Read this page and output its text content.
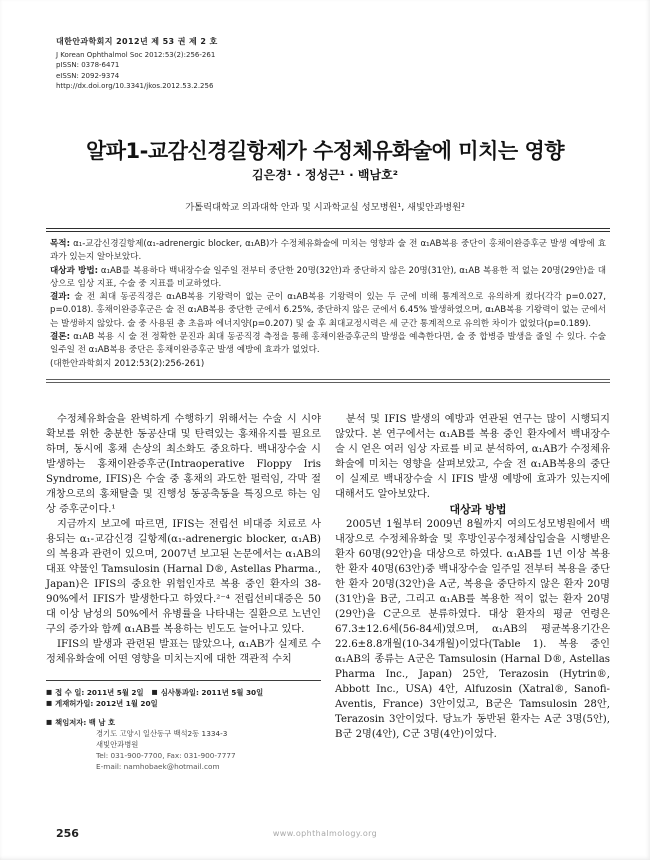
대한안과학회지 2012년 제 53 권 제 2 호
J Korean Ophthalmol Soc 2012:53(2):256-261
pISSN: 0378-6471
eISSN: 2092-9374
http://dx.doi.org/10.3341/jkos.2012.53.2.256
알파1-교감신경길항제가 수정체유화술에 미치는 영향
김은경¹ · 정성근¹ · 백남호²
가톨릭대학교 의과대학 안과 및 시과학교실 성모병원¹, 새빛안과병원²

목적: α₁-교감신경길항제(α₁-adrenergic blocker, α₁AB)가 수정체유화술에 미치는 영향과 술 전 α₁AB복용 중단이 홍채이완증후군 발생 예방에 효과가 있는지 알아보았다.

대상과 방법: α₁AB를 복용하다 백내장수술 일주일 전부터 중단한 20명(32안)과 중단하지 않은 20명(31안), α₁AB 복용한 적 없는 20명(29안)을 대상으로 임상 지표, 수술 중 지표를 비교하였다.

결과: 술 전 최대 동공직경은 α₁AB복용 기왕력이 없는 군이 α₁AB복용 기왕력이 있는 두 군에 비해 통계적으로 유의하게 컸다(각각 p=0.027, p=0.018). 홍채이완증후군은 술 전 α₁AB복용 중단한 군에서 6.25%, 중단하지 않은 군에서 6.45% 발생하였으며, α₁AB복용 기왕력이 없는 군에서는 발생하지 않았다. 술 중 사용된 총 초음파 에너지양(p=0.207) 및 술 후 최대교정시력은 세 군간 통계적으로 유의한 차이가 없었다(p=0.189).

결론: α₁AB 복용 시 술 전 정확한 문진과 최대 동공직경 측정을 통해 홍채이완증후군의 발생을 예측한다면, 술 중 합병증 발생을 줄일 수 있다. 수술 일주일 전 α₁AB복용 중단은 홍채이완증후군 발생 예방에 효과가 없었다.

(대한안과학회지 2012:53(2):256-261)

수정체유화술을 완벽하게 수행하기 위해서는 수술 시 시야확보를 위한 충분한 동공산대 및 탄력있는 홍채유지를 필요로 하며, 동시에 홍채 손상의 최소화도 중요하다. 백내장수술 시 발생하는 홍채이완증후군(Intraoperative Floppy Iris Syndrome, IFIS)은 수술 중 홍채의 과도한 펄럭임, 각막 절개창으로의 홍채탈출 및 진행성 동공축동을 특징으로 하는 임상 증후군이다.¹

지금까지 보고에 따르면, IFIS는 전립선 비대증 치료로 사용되는 α₁-교감신경 길항제(α₁-adrenergic blocker, α₁AB)의 복용과 관련이 있으며, 2007년 보고된 논문에서는 α₁AB의 대표 약물인 Tamsulosin (Harnal D®, Astellas Pharma., Japan)은 IFIS의 중요한 위험인자로 복용 중인 환자의 38-90%에서 IFIS가 발생한다고 하였다.²⁻⁴ 전립선비대증은 50대 이상 남성의 50%에서 유병률을 나타내는 질환으로 노년인구의 증가와 함께 α₁AB를 복용하는 빈도도 늘어나고 있다.

IFIS의 발생과 관련된 발표는 많았으나, α₁AB가 실제로 수정체유화술에 어떤 영향을 미치는지에 대한 객관적 수치

■ 접 수 일: 2011년 5월 2일 ■ 심사통과일: 2011년 5월 30일
■ 게재허가일: 2012년 1월 20일
■ 책임저자: 백 남 호
경기도 고양시 일산동구 백석2동 1334-3
새빛안과병원
Tel: 031-900-7700, Fax: 031-900-7777
E-mail: namhobaek@hotmail.com

분석 및 IFIS 발생의 예방과 연관된 연구는 많이 시행되지 않았다. 본 연구에서는 α₁AB를 복용 중인 환자에서 백내장수술 시 얻은 여러 임상 자료를 비교 분석하여, α₁AB가 수정체유화술에 미치는 영향을 살펴보았고, 수술 전 α₁AB복용의 중단이 실제로 백내장수술 시 IFIS 발생 예방에 효과가 있는지에 대해서도 알아보았다.

대상과 방법

2005년 1월부터 2009년 8월까지 여의도성모병원에서 백내장으로 수정체유화술 및 후방인공수정체삽입술을 시행받은 환자 60명(92안)을 대상으로 하였다. α₁AB를 1년 이상 복용한 환자 40명(63안)중 백내장수술 일주일 전부터 복용을 중단한 환자 20명(32안)을 A군, 복용을 중단하지 않은 환자 20명(31안)을 B군, 그리고 α₁AB를 복용한 적이 없는 환자 20명(29안)을 C군으로 분류하였다. 대상 환자의 평균 연령은 67.3±12.6세(56-84세)였으며, α₁AB의 평균복용기간은 22.6±8.8개월(10-34개월)이었다(Table 1). 복용 중인 α₁AB의 종류는 A군은 Tamsulosin (Harnal D®, Astellas Pharma Inc., Japan) 25안, Terazosin (Hytrin®, Abbott Inc., USA) 4안, Alfuzosin (Xatral®, Sanofi-Aventis, France) 3안이었고, B군은 Tamsulosin 28안, Terazosin 3안이었다. 당뇨가 동반된 환자는 A군 3명(5안), B군 2명(4안), C군 3명(4안)이었다.

256	www.ophthalmology.org
